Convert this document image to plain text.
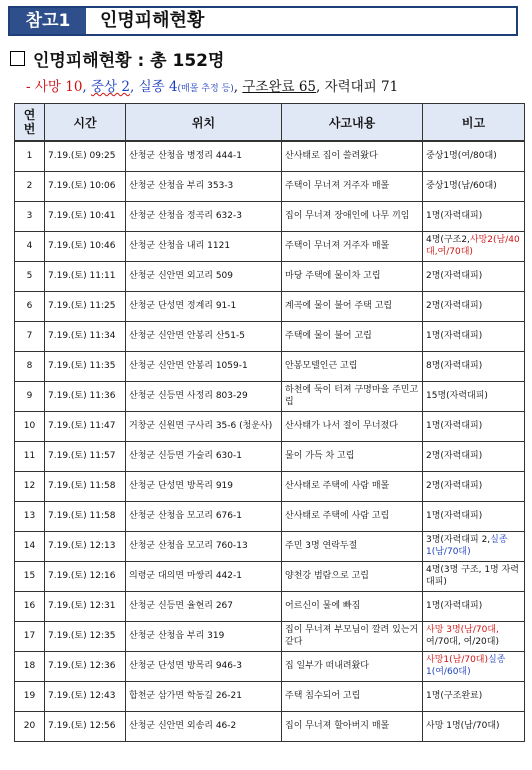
참고1	인명피해현황
인명피해현황 : 총 152명
- 사망 10, 중상 2, 실종 4(매몰 추정 등), 구조완료 65, 자력대피 71
연
번	시간	위치	사고내용	비고
1	7.19.(토) 09:25	산청군 산청읍 병정리 444-1	산사태로 집이 쓸려왔다	중상1명(여/80대)
2	7.19.(토) 10:06	산청군 산청읍 부리 353-3	주택이 무너져 거주자 매몰	중상1명(남/60대)
3	7.19.(토) 10:41	산청군 산청읍 정곡리 632-3	집이 무너져 장애인에 나무 끼임	1명(자력대피)
4	7.19.(토) 10:46	산청군 산청읍 내리 1121	주택이 무너져 거주자 매몰	4명(구조2,사망2(남/40대,여/70대)
5	7.19.(토) 11:11	산청군 신안면 외고리 509	마당 주택에 물이차 고립	2명(자력대피)
6	7.19.(토) 11:25	산청군 단성면 정계리 91-1	계곡에 물이 불어 주택 고립	2명(자력대피)
7	7.19.(토) 11:34	산청군 신안면 안봉리 산51-5	주택에 물이 불어 고립	1명(자력대피)
8	7.19.(토) 11:35	산청군 신안면 안봉리 1059-1	안봉모텔인근 고립	8명(자력대피)
9	7.19.(토) 11:36	산청군 신등면 사정리 803-29	하천에 둑이 터져 구명마을 주민고립	15명(자력대피)
10	7.19.(토) 11:47	거창군 신원면 구사리 35-6 (청운사)	산사태가 나서 절이 무너졌다	1명(자력대피)
11	7.19.(토) 11:57	산청군 신등면 가술리 630-1	물이 가득 차 고립	2명(자력대피)
12	7.19.(토) 11:58	산청군 단성면 방목리 919	산사태로 주택에 사람 매몰	2명(자력대피)
13	7.19.(토) 11:58	산청군 산청읍 모고리 676-1	산사태로 주택에 사람 고립	1명(자력대피)
14	7.19.(토) 12:13	산청군 산청읍 모고리 760-13	주민 3명 연락두절	3명(자력대피 2,실종 1(남/70대)
15	7.19.(토) 12:16	의령군 대의면 마쌍리 442-1	양천강 범람으로 고립	4명(3명 구조, 1명 자력대피)
16	7.19.(토) 12:31	산청군 신등면 율현리 267	어르신이 물에 빠짐	1명(자력대피)
17	7.19.(토) 12:35	산청군 산청읍 부리 319	집이 무너져 부모님이 깔려 있는거같다	사망 3명(남/70대,여/70대, 여/20대)
18	7.19.(토) 12:36	산청군 단성면 방목리 946-3	집 일부가 떠내려왔다	사망1(남/70대)실종1(여/60대)
19	7.19.(토) 12:43	합천군 삼가면 학동길 26-21	주택 침수되어 고립	1명(구조완료)
20	7.19.(토) 12:56	산청군 신안면 외송리 46-2	집이 무너져 할아버지 매몰	사망 1명(남/70대)
